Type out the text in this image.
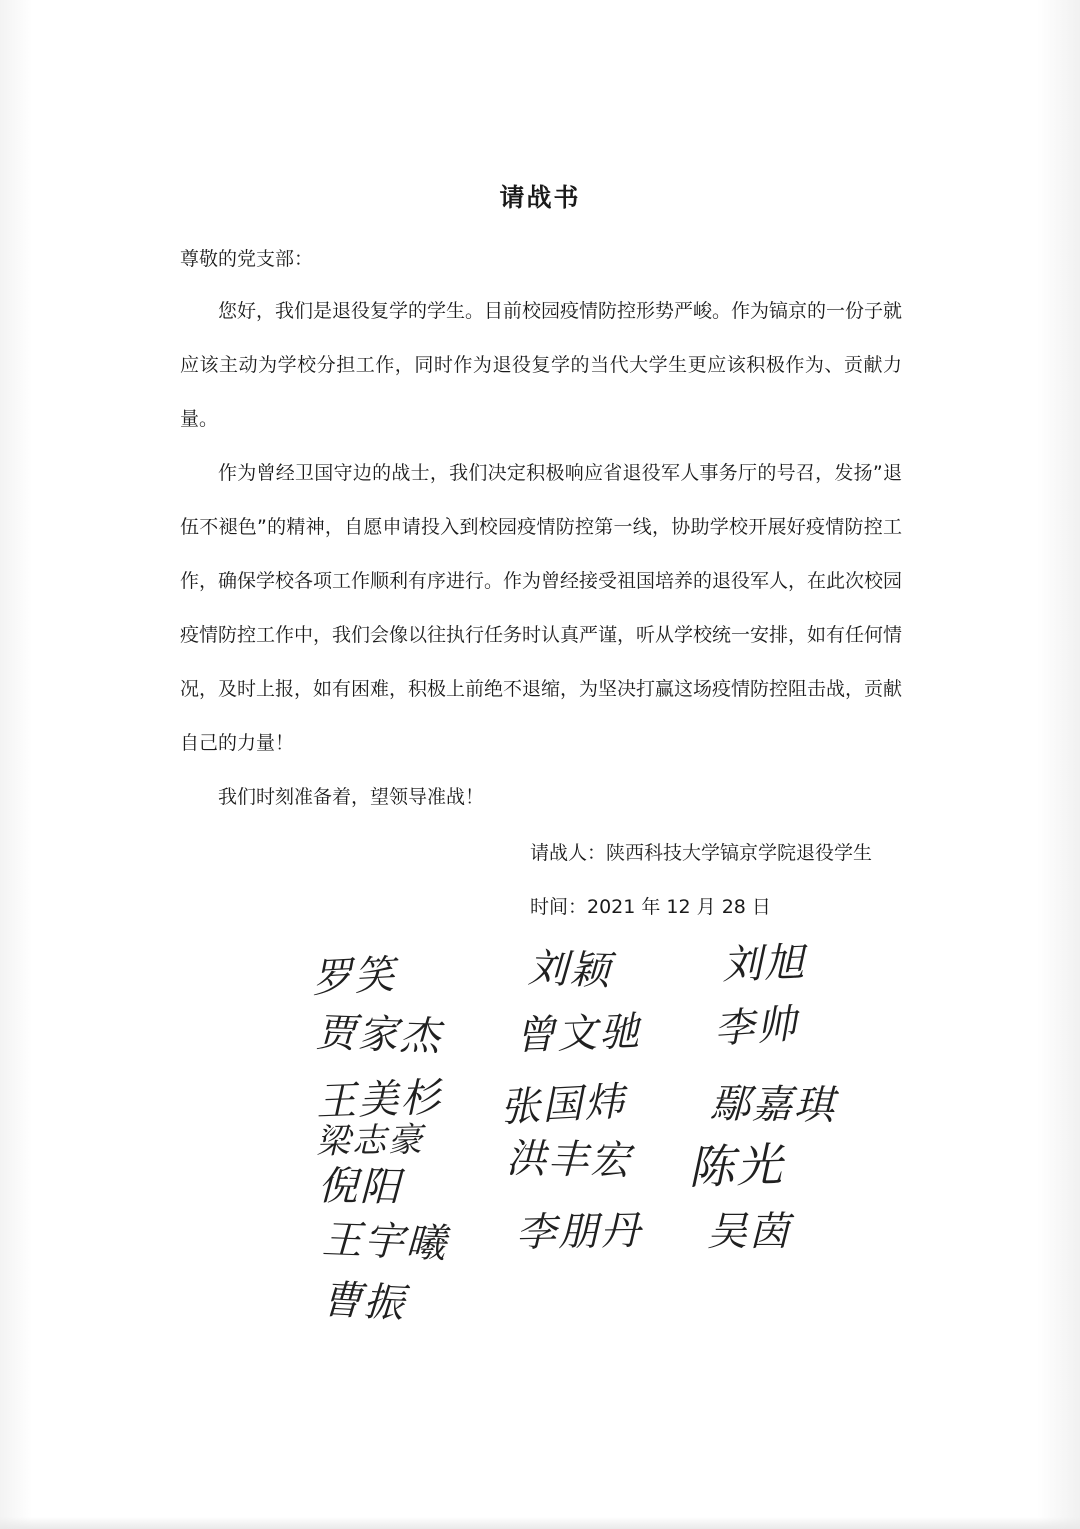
请战书
尊敬的党支部：

您好，我们是退役复学的学生。目前校园疫情防控形势严峻。作为镐京的一份子就应该主动为学校分担工作，同时作为退役复学的当代大学生更应该积极作为、贡献力量。

作为曾经卫国守边的战士，我们决定积极响应省退役军人事务厅的号召，发扬”退伍不褪色”的精神，自愿申请投入到校园疫情防控第一线，协助学校开展好疫情防控工作，确保学校各项工作顺利有序进行。作为曾经接受祖国培养的退役军人，在此次校园疫情防控工作中，我们会像以往执行任务时认真严谨，听从学校统一安排，如有任何情况，及时上报，如有困难，积极上前绝不退缩，为坚决打赢这场疫情防控阻击战，贡献自己的力量！

我们时刻准备着，望领导准战！

请战人：陕西科技大学镐京学院退役学生
时间：2021 年 12 月 28 日
罗笑	刘颖	刘旭
贾家杰 曾文驰 李帅
王美杉 张国炜 鄢嘉琪
梁志豪 洪丰宏 陈光
倪阳
王宇曦 李朋丹 吴茵
曹振
